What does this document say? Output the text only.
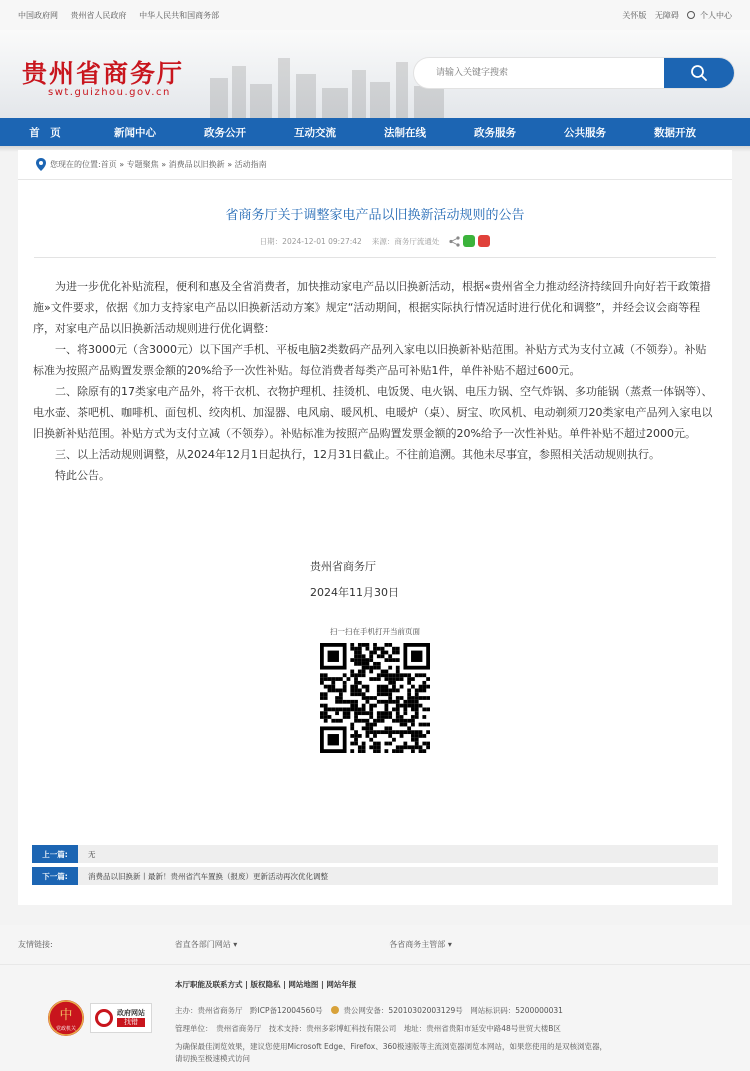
中国政府网 贵州省人民政府 中华人民共和国商务部	关怀版 无障碍	个人中心
贵州省商务厅
swt.guizhou.gov.cn
请输入关键字搜索
首　页	新闻中心	政务公开	互动交流	法制在线	政务服务	公共服务	数据开放
您现在的位置:首页 » 专题聚焦 » 消费品以旧换新 » 活动指南
省商务厅关于调整家电产品以旧换新活动规则的公告
日期：2024-12-01 09:27:42 来源：商务厅流通处

为进一步优化补贴流程，便利和惠及全省消费者，加快推动家电产品以旧换新活动，根据«贵州省全力推动经济持续回升向好若干政策措施»文件要求，依据《加力支持家电产品以旧换新活动方案》规定“活动期间，根据实际执行情况适时进行优化和调整”，并经会议会商等程序，对家电产品以旧换新活动规则进行优化调整：

一、将3000元（含3000元）以下国产手机、平板电脑2类数码产品列入家电以旧换新补贴范围。补贴方式为支付立减（不领券）。补贴标准为按照产品购置发票金额的20%给予一次性补贴。每位消费者每类产品可补贴1件，单件补贴不超过600元。

二、除原有的17类家电产品外，将干衣机、衣物护理机、挂烫机、电饭煲、电火锅、电压力锅、空气炸锅、多功能锅（蒸煮一体锅等）、电水壶、茶吧机、咖啡机、面包机、绞肉机、加湿器、电风扇、暖风机、电暖炉（桌）、厨宝、吹风机、电动剃须刀20类家电产品列入家电以旧换新补贴范围。补贴方式为支付立减（不领券）。补贴标准为按照产品购置发票金额的20%给予一次性补贴。单件补贴不超过2000元。

三、以上活动规则调整，从2024年12月1日起执行，12月31日截止。不往前追溯。其他未尽事宜，参照相关活动规则执行。

特此公告。

贵州省商务厅
2024年11月30日
扫一扫在手机打开当前页面
上一篇:	无
下一篇:	消费品以旧换新丨最新！贵州省汽车置换（报废）更新活动再次优化调整
友情链接:	省直各部门网站 ▾	各省商务主管部 ▾
本厅职能及联系方式 | 版权隐私 | 网站地图 | 网站年报
主办：贵州省商务厅　黔ICP备12004560号	贵公网安备：52010302003129号　网站标识码：5200000031
管理单位：　贵州省商务厅　技术支持：贵州多彩博虹科技有限公司　地址：贵州省贵阳市延安中路48号世贸大楼B区
为确保最佳浏览效果，建议您使用Microsoft Edge、Firefox、360极速版等主流浏览器浏览本网站，如果您使用的是双核浏览器，
请切换至极速模式访问
中
党政机关
政府网站
找错
